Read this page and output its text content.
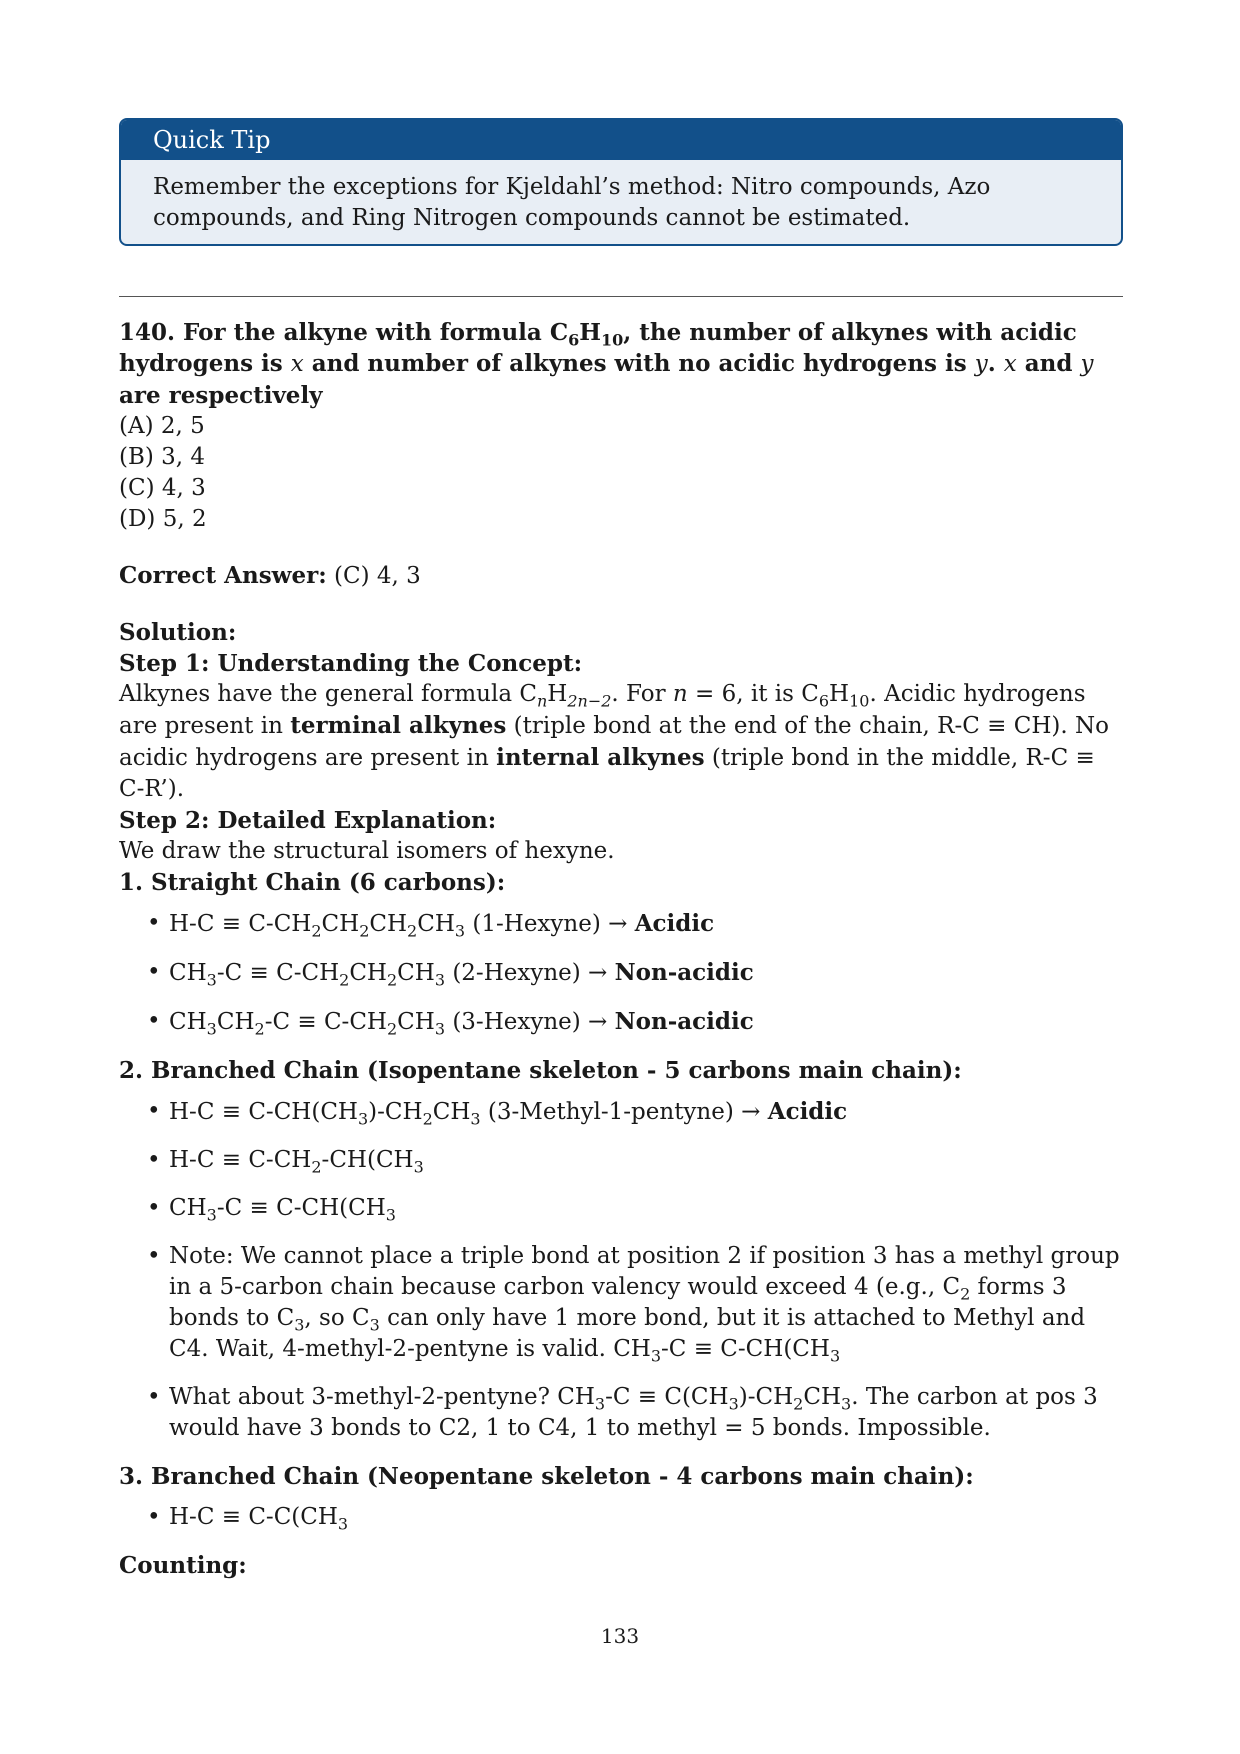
Quick Tip
Remember the exceptions for Kjeldahl’s method: Nitro compounds, Azo compounds, and Ring Nitrogen compounds cannot be estimated.

140. For the alkyne with formula $C_6H_{10}$, the number of alkynes with acidic hydrogens is x and number of alkynes with no acidic hydrogens is y. x and y are respectively

(A) 2, 5
(B) 3, 4
(C) 4, 3
(D) 5, 2
Correct Answer: (C) 4, 3
Solution:
Step 1: Understanding the Concept:
Alkynes have the general formula $C_nH_{2n-2}$. For n = 6, it is $C_6H_{10}$. Acidic hydrogens are present in terminal alkynes (triple bond at the end of the chain, R-C ≡ CH). No acidic hydrogens are present in internal alkynes (triple bond in the middle, R-C ≡ C-R’).
Step 2: Detailed Explanation:
We draw the structural isomers of hexyne.
1. Straight Chain (6 carbons):
• $H-C \equiv C-CH_2CH_2CH_2CH_3$ (1-Hexyne) → Acidic
• $CH_3-C \equiv C-CH_2CH_2CH_3$ (2-Hexyne) → Non-acidic
• $CH_3CH_2-C \equiv C-CH_2CH_3$ (3-Hexyne) → Non-acidic
2. Branched Chain (Isopentane skeleton - 5 carbons main chain):
• $H-C \equiv C-CH(CH_3)-CH_2CH_3$ (3-Methyl-1-pentyne) → Acidic
• $H-C \equiv C-CH_2-CH(CH_3$
• $CH_3-C \equiv C-CH(CH_3$
• Note: We cannot place a triple bond at position 2 if position 3 has a methyl group in a 5-carbon chain because carbon valency would exceed 4 (e.g., $C_2$ forms 3 bonds to $C_3$, so $C_3$ can only have 1 more bond, but it is attached to Methyl and C4. Wait, 4-methyl-2-pentyne is valid. $CH_3-C \equiv C-CH(CH_3$
• What about 3-methyl-2-pentyne? $CH_3-C \equiv C(CH_3)-CH_2CH_3$. The carbon at pos 3 would have 3 bonds to C2, 1 to C4, 1 to methyl = 5 bonds. Impossible.
3. Branched Chain (Neopentane skeleton - 4 carbons main chain):
• $H-C \equiv C-C(CH_3$
Counting:
133
